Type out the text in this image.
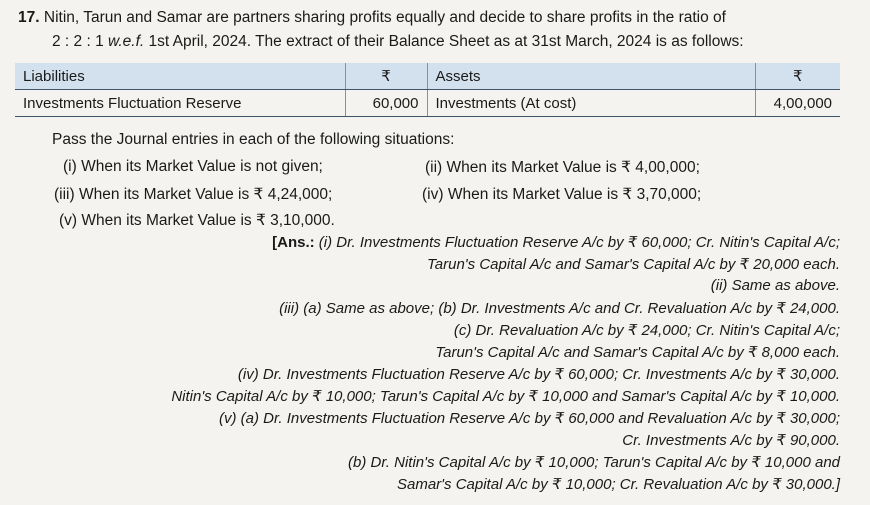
17. Nitin, Tarun and Samar are partners sharing profits equally and decide to share profits in the ratio of
2 : 2 : 1 w.e.f. 1st April, 2024. The extract of their Balance Sheet as at 31st March, 2024 is as follows:
Liabilities	₹	Assets	₹
Investments Fluctuation Reserve	60,000	Investments (At cost)	4,00,000
Pass the Journal entries in each of the following situations:
(i) When its Market Value is not given;	(ii) When its Market Value is ₹ 4,00,000;
(iii) When its Market Value is ₹ 4,24,000;	(iv) When its Market Value is ₹ 3,70,000;
(v) When its Market Value is ₹ 3,10,000.
[Ans.: (i) Dr. Investments Fluctuation Reserve A/c by ₹ 60,000; Cr. Nitin's Capital A/c;
Tarun's Capital A/c and Samar's Capital A/c by ₹ 20,000 each.
(ii) Same as above.
(iii) (a) Same as above; (b) Dr. Investments A/c and Cr. Revaluation A/c by ₹ 24,000.
(c) Dr. Revaluation A/c by ₹ 24,000; Cr. Nitin's Capital A/c;
Tarun's Capital A/c and Samar's Capital A/c by ₹ 8,000 each.
(iv) Dr. Investments Fluctuation Reserve A/c by ₹ 60,000; Cr. Investments A/c by ₹ 30,000.
Nitin's Capital A/c by ₹ 10,000; Tarun's Capital A/c by ₹ 10,000 and Samar's Capital A/c by ₹ 10,000.
(v) (a) Dr. Investments Fluctuation Reserve A/c by ₹ 60,000 and Revaluation A/c by ₹ 30,000;
Cr. Investments A/c by ₹ 90,000.
(b) Dr. Nitin's Capital A/c by ₹ 10,000; Tarun's Capital A/c by ₹ 10,000 and
Samar's Capital A/c by ₹ 10,000; Cr. Revaluation A/c by ₹ 30,000.]
